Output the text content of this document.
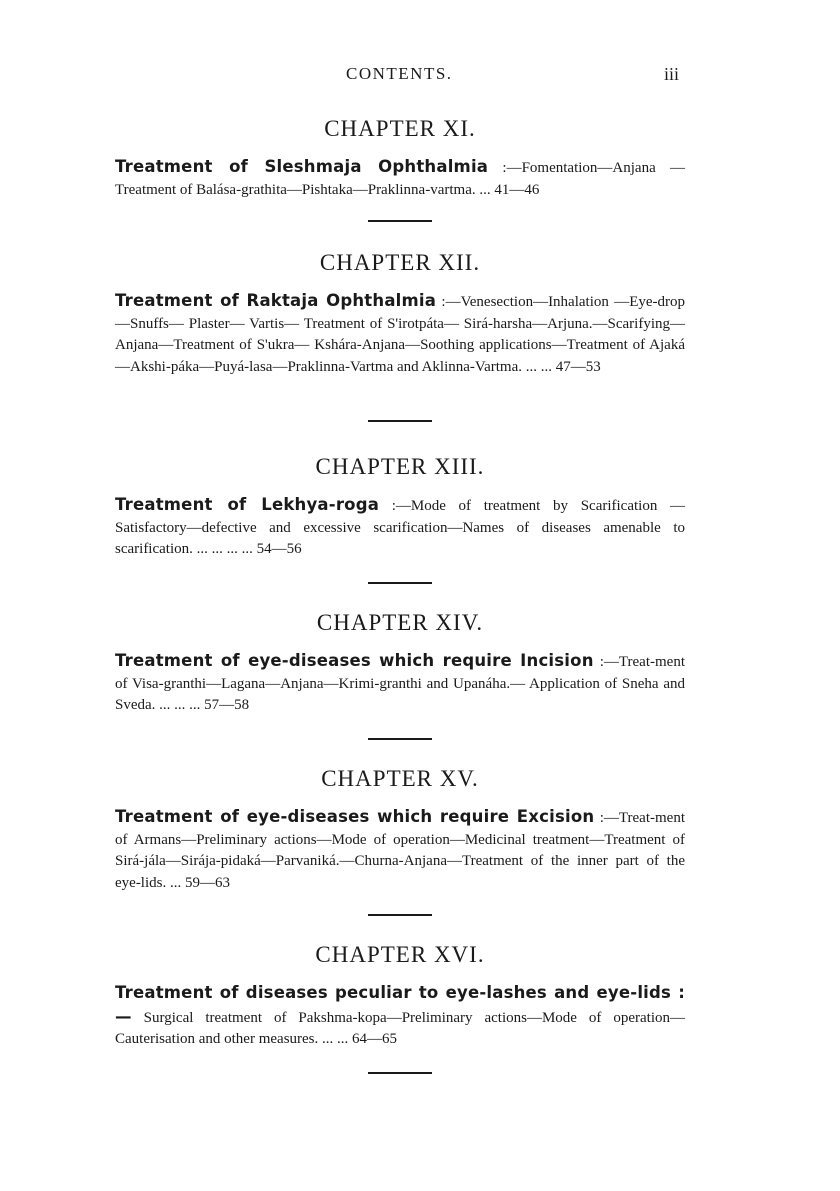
CONTENTS.	iii
CHAPTER XI.
Treatment of Sleshmaja Ophthalmia :—Fomentation—Anjana —Treatment of Balása-grathita—Pishtaka—Praklinna-vartma. ... 41—46
CHAPTER XII.
Treatment of Raktaja Ophthalmia :—Venesection—Inhalation —Eye-drop—Snuffs— Plaster— Vartis— Treatment of S'irotpáta— Sirá-harsha—Arjuna.—Scarifying—Anjana—Treatment of S'ukra— Kshára-Anjana—Soothing applications—Treatment of Ajaká—Akshi-páka—Puyá-lasa—Praklinna-Vartma and Aklinna-Vartma. ... ... 47—53
CHAPTER XIII.
Treatment of Lekhya-roga :—Mode of treatment by Scarification —Satisfactory—defective and excessive scarification—Names of diseases amenable to scarification. ... ... ... ... 54—56
CHAPTER XIV.
Treatment of eye-diseases which require Incision :—Treat-ment of Visa-granthi—Lagana—Anjana—Krimi-granthi and Upanáha.— Application of Sneha and Sveda. ... ... ... 57—58
CHAPTER XV.
Treatment of eye-diseases which require Excision :—Treat-ment of Armans—Preliminary actions—Mode of operation—Medicinal treatment—Treatment of Sirá-jála—Sirája-pidaká—Parvaniká.—Churna-Anjana—Treatment of the inner part of the eye-lids. ... 59—63
CHAPTER XVI.
Treatment of diseases peculiar to eye-lashes and eye-lids :— Surgical treatment of Pakshma-kopa—Preliminary actions—Mode of operation—Cauterisation and other measures. ... ... 64—65
